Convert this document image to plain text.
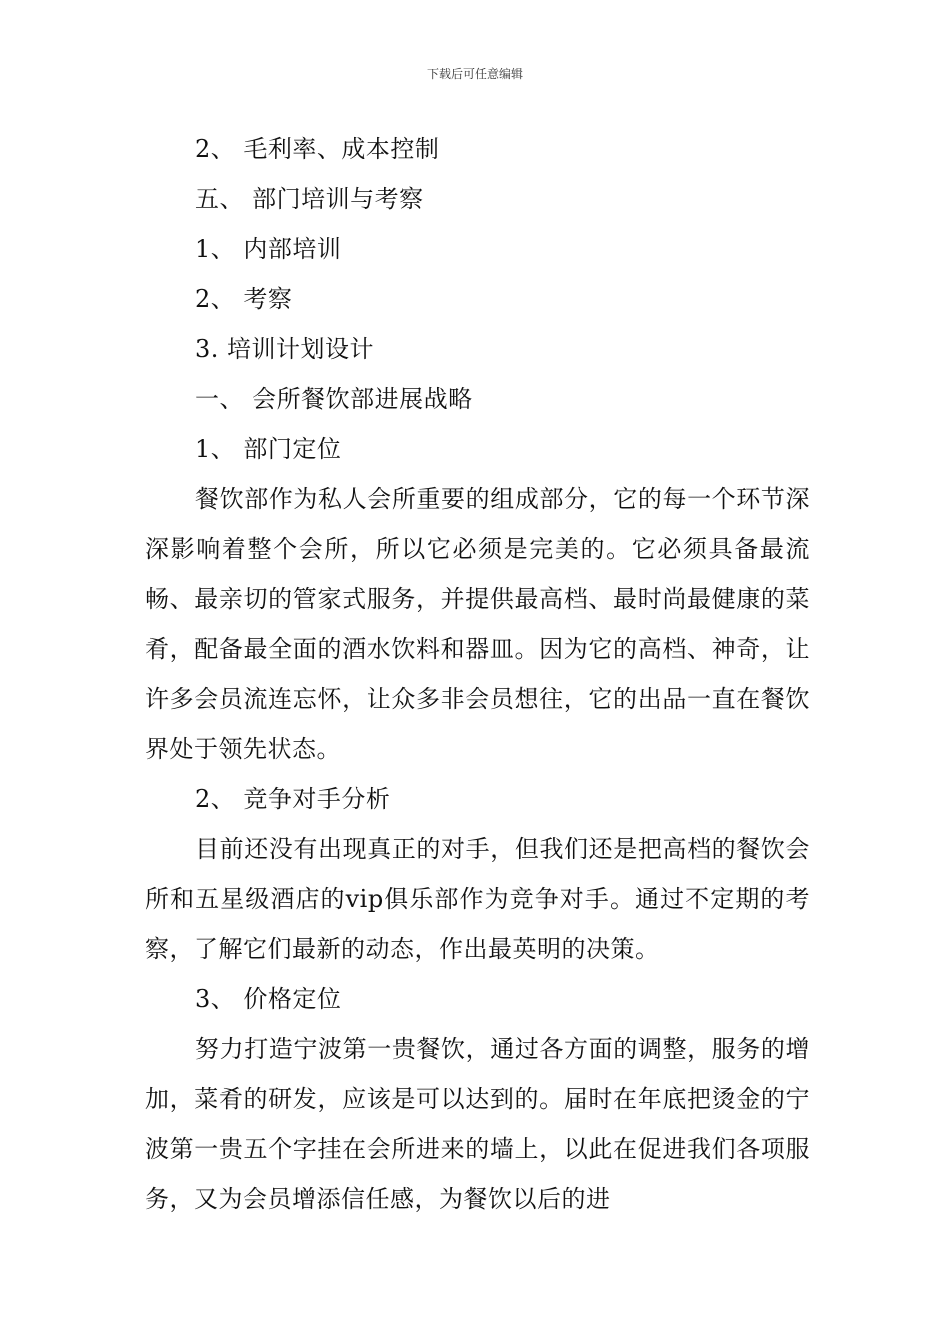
下载后可任意编辑
2、 毛利率、成本控制
五、 部门培训与考察
1、 内部培训
2、 考察
3. 培训计划设计
一、 会所餐饮部进展战略
1、 部门定位
餐饮部作为私人会所重要的组成部分，它的每一个环节深深影响着整个会所，所以它必须是完美的。它必须具备最流畅、最亲切的管家式服务，并提供最高档、最时尚最健康的菜肴，配备最全面的酒水饮料和器皿。因为它的高档、神奇，让许多会员流连忘怀，让众多非会员想往，它的出品一直在餐饮界处于领先状态。
2、 竞争对手分析
目前还没有出现真正的对手，但我们还是把高档的餐饮会所和五星级酒店的vip俱乐部作为竞争对手。通过不定期的考察，了解它们最新的动态，作出最英明的决策。
3、 价格定位
努力打造宁波第一贵餐饮，通过各方面的调整，服务的增加，菜肴的研发，应该是可以达到的。届时在年底把烫金的宁波第一贵五个字挂在会所进来的墙上，以此在促进我们各项服务，又为会员增添信任感，为餐饮以后的进
